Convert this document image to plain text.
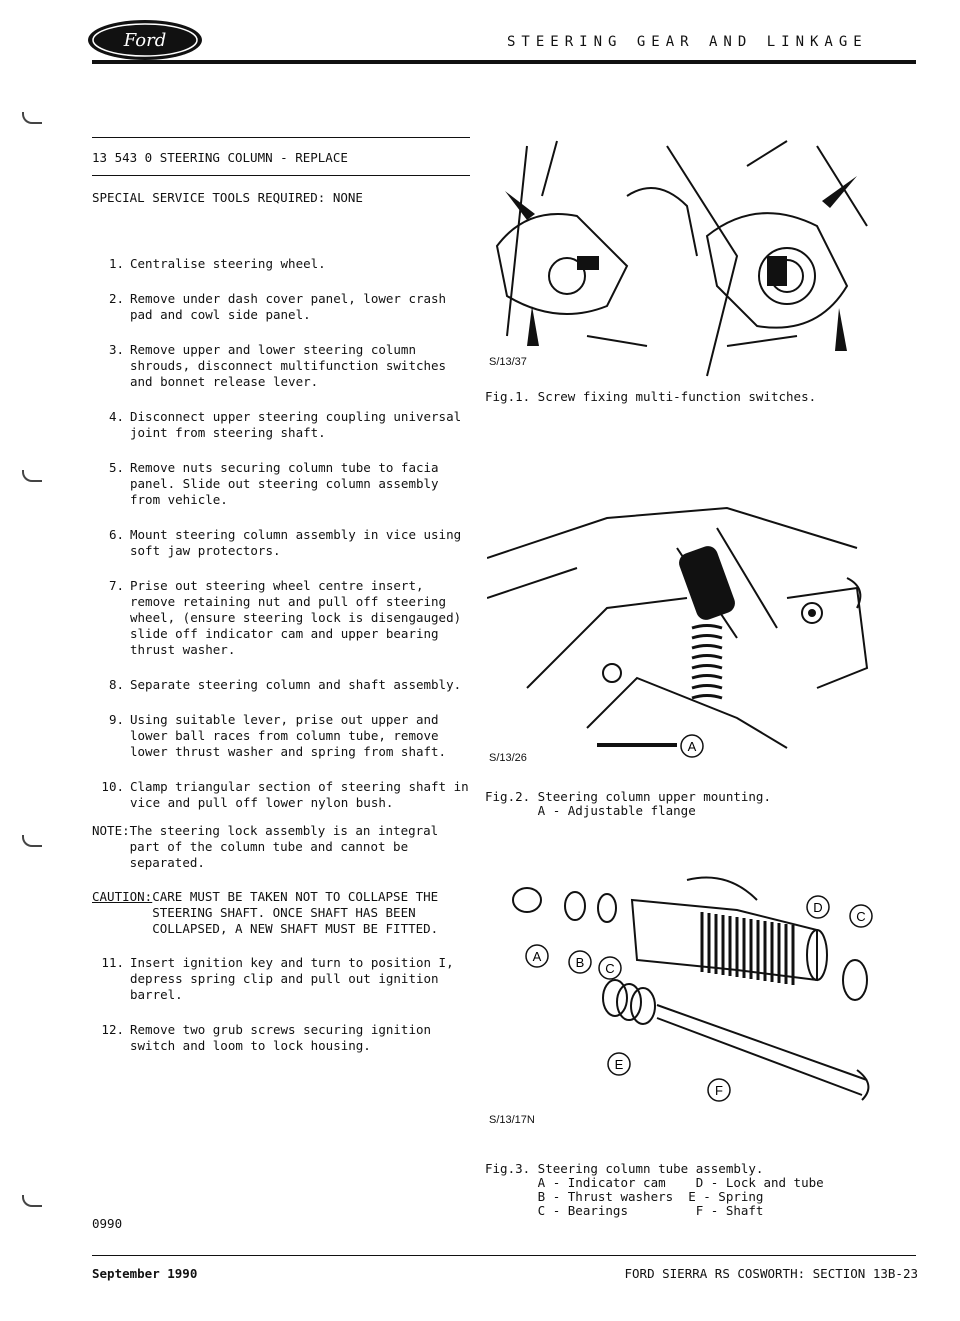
Ford	STEERING GEAR AND LINKAGE
13 543 0 STEERING COLUMN - REPLACE
SPECIAL SERVICE TOOLS REQUIRED: NONE
1. Centralise steering wheel.
2. Remove under dash cover panel, lower crash
pad and cowl side panel.
3. Remove upper and lower steering column
shrouds, disconnect multifunction switches
and bonnet release lever.
4. Disconnect upper steering coupling universal
joint from steering shaft.
5. Remove nuts securing column tube to facia
panel. Slide out steering column assembly
from vehicle.
6. Mount steering column assembly in vice using
soft jaw protectors.
7. Prise out steering wheel centre insert,
remove retaining nut and pull off steering
wheel, (ensure steering lock is disengauged)
slide off indicator cam and upper bearing
thrust washer.
8. Separate steering column and shaft assembly.
9. Using suitable lever, prise out upper and
lower ball races from column tube, remove
lower thrust washer and spring from shaft.
10. Clamp triangular section of steering shaft in
vice and pull off lower nylon bush.
NOTE: The steering lock assembly is an integral
part of the column tube and cannot be
separated.
CAUTION: CARE MUST BE TAKEN NOT TO COLLAPSE THE
STEERING SHAFT. ONCE SHAFT HAS BEEN
COLLAPSED, A NEW SHAFT MUST BE FITTED.
11. Insert ignition key and turn to position I,
depress spring clip and pull out ignition
barrel.
12. Remove two grub screws securing ignition
switch and loom to lock housing.
0990
S/13/37
Fig.1. Screw fixing multi-function switches.
A
S/13/26
Fig.2. Steering column upper mounting.
A - Adjustable flange
A	B C
C
D
E
F
S/13/17N
Fig.3. Steering column tube assembly.
A - Indicator cam    D - Lock and tube
B - Thrust washers  E - Spring
C - Bearings         F - Shaft
September 1990	FORD SIERRA RS COSWORTH: SECTION 13B-23
